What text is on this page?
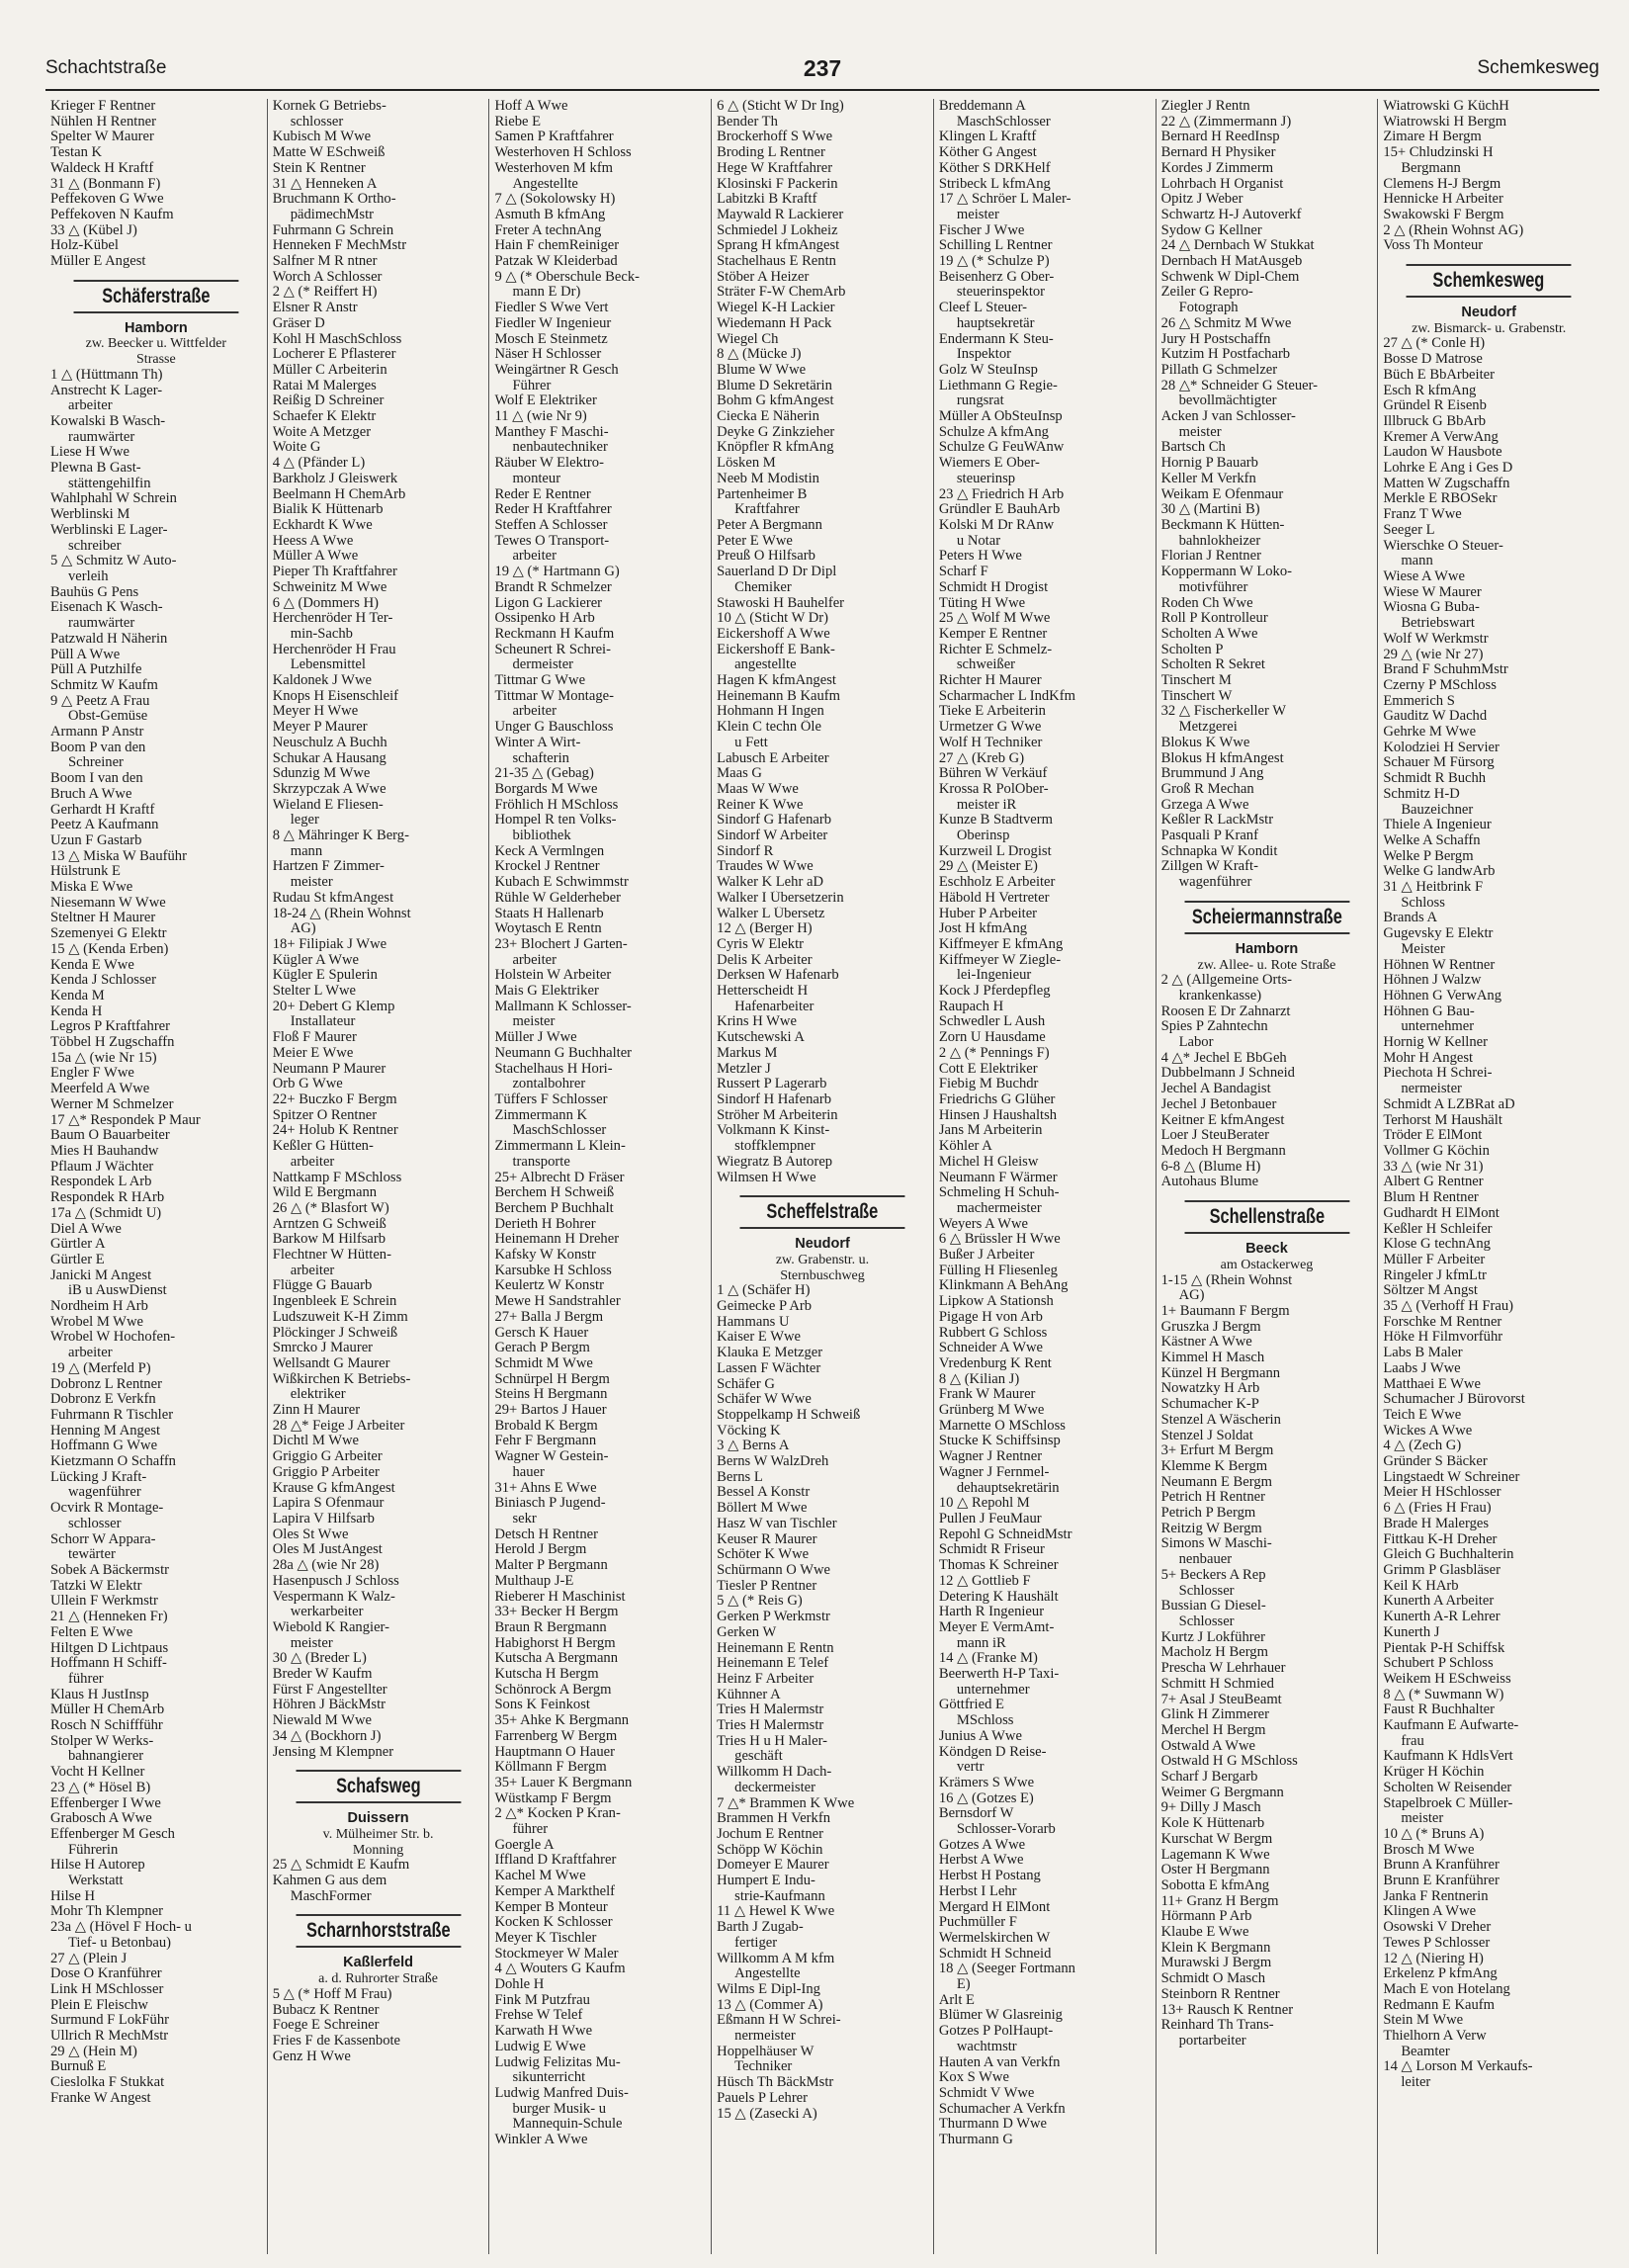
Schachtstraße	237	Schemkesweg
Krieger F Rentner
Nühlen H Rentner
Spelter W Maurer
Testan K
Waldeck H Kraftf
31 △ (Bonmann F)
Peffekoven G Wwe
Peffekoven N Kaufm
33 △ (Kübel J)
Holz-Kübel
Müller E Angest
Schäferstraße
Hamborn
zw. Beecker u. Wittfelder
Strasse
1 △ (Hüttmann Th)
Anstrecht K Lager-
arbeiter
Kowalski B Wasch-
raumwärter
Liese H Wwe
Plewna B Gast-
stättengehilfin
Wahlphahl W Schrein
Werblinski M
Werblinski E Lager-
schreiber
5 △ Schmitz W Auto-
verleih
Bauhüs G Pens
Eisenach K Wasch-
raumwärter
Patzwald H Näherin
Püll A Wwe
Püll A Putzhilfe
Schmitz W Kaufm
9 △ Peetz A Frau
Obst-Gemüse
Armann P Anstr
Boom P van den
Schreiner
Boom I van den
Bruch A Wwe
Gerhardt H Kraftf
Peetz A Kaufmann
Uzun F Gastarb
13 △ Miska W Bauführ
Hülstrunk E
Miska E Wwe
Niesemann W Wwe
Steltner H Maurer
Szemenyei G Elektr
15 △ (Kenda Erben)
Kenda E Wwe
Kenda J Schlosser
Kenda M
Kenda H
Legros P Kraftfahrer
Többel H Zugschaffn
15a △ (wie Nr 15)
Engler F Wwe
Meerfeld A Wwe
Werner M Schmelzer
17 △* Respondek P Maur
Baum O Bauarbeiter
Mies H Bauhandw
Pflaum J Wächter
Respondek L Arb
Respondek R HArb
17a △ (Schmidt U)
Diel A Wwe
Gürtler A
Gürtler E
Janicki M Angest
iB u AuswDienst
Nordheim H Arb
Wrobel M Wwe
Wrobel W Hochofen-
arbeiter
19 △ (Merfeld P)
Dobronz L Rentner
Dobronz E Verkfn
Fuhrmann R Tischler
Henning M Angest
Hoffmann G Wwe
Kietzmann O Schaffn
Lücking J Kraft-
wagenführer
Ocvirk R Montage-
schlosser
Schorr W Appara-
tewärter
Sobek A Bäckermstr
Tatzki W Elektr
Ullein F Werkmstr
21 △ (Henneken Fr)
Felten E Wwe
Hiltgen D Lichtpaus
Hoffmann H Schiff-
führer
Klaus H JustInsp
Müller H ChemArb
Rosch N Schiffführ
Stolper W Werks-
bahnangierer
Vocht H Kellner
23 △ (* Hösel B)
Effenberger I Wwe
Grabosch A Wwe
Effenberger M Gesch
Führerin
Hilse H Autorep
Werkstatt
Hilse H
Mohr Th Klempner
23a △ (Hövel F Hoch- u
Tief- u Betonbau)
27 △ (Plein J
Dose O Kranführer
Link H MSchlosser
Plein E Fleischw
Surmund F LokFühr
Ullrich R MechMstr
29 △ (Hein M)
Burnuß E
Cieslolka F Stukkat
Franke W Angest
Kornek G Betriebs-
schlosser
Kubisch M Wwe
Matte W ESchweiß
Stein K Rentner
31 △ Henneken A
Bruchmann K Ortho-
pädimechMstr
Fuhrmann G Schrein
Henneken F MechMstr
Salfner M R ntner
Worch A Schlosser
2 △ (* Reiffert H)
Elsner R Anstr
Gräser D
Kohl H MaschSchloss
Locherer E Pflasterer
Müller C Arbeiterin
Ratai M Malerges
Reißig D Schreiner
Schaefer K Elektr
Woite A Metzger
Woite G
4 △ (Pfänder L)
Barkholz J Gleiswerk
Beelmann H ChemArb
Bialik K Hüttenarb
Eckhardt K Wwe
Heess A Wwe
Müller A Wwe
Pieper Th Kraftfahrer
Schweinitz M Wwe
6 △ (Dommers H)
Herchenröder H Ter-
min-Sachb
Herchenröder H Frau
Lebensmittel
Kaldonek J Wwe
Knops H Eisenschleif
Meyer H Wwe
Meyer P Maurer
Neuschulz A Buchh
Schukar A Hausang
Sdunzig M Wwe
Skrzypczak A Wwe
Wieland E Fliesen-
leger
8 △ Mähringer K Berg-
mann
Hartzen F Zimmer-
meister
Rudau St kfmAngest
18-24 △ (Rhein Wohnst
AG)
18+ Filipiak J Wwe
Kügler A Wwe
Kügler E Spulerin
Stelter L Wwe
20+ Debert G Klemp
Installateur
Floß F Maurer
Meier E Wwe
Neumann P Maurer
Orb G Wwe
22+ Buczko F Bergm
Spitzer O Rentner
24+ Holub K Rentner
Keßler G Hütten-
arbeiter
Nattkamp F MSchloss
Wild E Bergmann
26 △ (* Blasfort W)
Arntzen G Schweiß
Barkow M Hilfsarb
Flechtner W Hütten-
arbeiter
Flügge G Bauarb
Ingenbleek E Schrein
Ludszuweit K-H Zimm
Plöckinger J Schweiß
Smrcko J Maurer
Wellsandt G Maurer
Wißkirchen K Betriebs-
elektriker
Zinn H Maurer
28 △* Feige J Arbeiter
Dichtl M Wwe
Griggio G Arbeiter
Griggio P Arbeiter
Krause G kfmAngest
Lapira S Ofenmaur
Lapira V Hilfsarb
Oles St Wwe
Oles M JustAngest
28a △ (wie Nr 28)
Hasenpusch J Schloss
Vespermann K Walz-
werkarbeiter
Wiebold K Rangier-
meister
30 △ (Breder L)
Breder W Kaufm
Fürst F Angestellter
Höhren J BäckMstr
Niewald M Wwe
34 △ (Bockhorn J)
Jensing M Klempner
Schafsweg
Duissern
v. Mülheimer Str. b.
Monning
25 △ Schmidt E Kaufm
Kahmen G aus dem
MaschFormer
Scharnhorststraße
Kaßlerfeld
a. d. Ruhrorter Straße
5 △ (* Hoff M Frau)
Bubacz K Rentner
Foege E Schreiner
Fries F de Kassenbote
Genz H Wwe
Hoff A Wwe
Riebe E
Samen P Kraftfahrer
Westerhoven H Schloss
Westerhoven M kfm
Angestellte
7 △ (Sokolowsky H)
Asmuth B kfmAng
Freter A technAng
Hain F chemReiniger
Patzak W Kleiderbad
9 △ (* Oberschule Beck-
mann E Dr)
Fiedler S Wwe Vert
Fiedler W Ingenieur
Mosch E Steinmetz
Näser H Schlosser
Weingärtner R Gesch
Führer
Wolf E Elektriker
11 △ (wie Nr 9)
Manthey F Maschi-
nenbautechniker
Räuber W Elektro-
monteur
Reder E Rentner
Reder H Kraftfahrer
Steffen A Schlosser
Tewes O Transport-
arbeiter
19 △ (* Hartmann G)
Brandt R Schmelzer
Ligon G Lackierer
Ossipenko H Arb
Reckmann H Kaufm
Scheunert R Schrei-
dermeister
Tittmar G Wwe
Tittmar W Montage-
arbeiter
Unger G Bauschloss
Winter A Wirt-
schafterin
21-35 △ (Gebag)
Borgards M Wwe
Fröhlich H MSchloss
Hompel R ten Volks-
bibliothek
Keck A Vermlngen
Krockel J Rentner
Kubach E Schwimmstr
Rühle W Gelderheber
Staats H Hallenarb
Woytasch E Rentn
23+ Blochert J Garten-
arbeiter
Holstein W Arbeiter
Mais G Elektriker
Mallmann K Schlosser-
meister
Müller J Wwe
Neumann G Buchhalter
Stachelhaus H Hori-
zontalbohrer
Tüffers F Schlosser
Zimmermann K
MaschSchlosser
Zimmermann L Klein-
transporte
25+ Albrecht D Fräser
Berchem H Schweiß
Berchem P Buchhalt
Derieth H Bohrer
Heinemann H Dreher
Kafsky W Konstr
Karsubke H Schloss
Keulertz W Konstr
Mewe H Sandstrahler
27+ Balla J Bergm
Gersch K Hauer
Gerach P Bergm
Schmidt M Wwe
Schnürpel H Bergm
Steins H Bergmann
29+ Bartos J Hauer
Brobald K Bergm
Fehr F Bergmann
Wagner W Gestein-
hauer
31+ Ahns E Wwe
Biniasch P Jugend-
sekr
Detsch H Rentner
Herold J Bergm
Malter P Bergmann
Multhaup J-E
Rieberer H Maschinist
33+ Becker H Bergm
Braun R Bergmann
Habighorst H Bergm
Kutscha A Bergmann
Kutscha H Bergm
Schönrock A Bergm
Sons K Feinkost
35+ Ahke K Bergmann
Farrenberg W Bergm
Hauptmann O Hauer
Köllmann F Bergm
35+ Lauer K Bergmann
Wüstkamp F Bergm
2 △* Kocken P Kran-
führer
Goergle A
Iffland D Kraftfahrer
Kachel M Wwe
Kemper A Markthelf
Kemper B Monteur
Kocken K Schlosser
Meyer K Tischler
Stockmeyer W Maler
4 △ Wouters G Kaufm
Dohle H
Fink M Putzfrau
Frehse W Telef
Karwath H Wwe
Ludwig E Wwe
Ludwig Felizitas Mu-
sikunterricht
Ludwig Manfred Duis-
burger Musik- u
Mannequin-Schule
Winkler A Wwe
6 △ (Sticht W Dr Ing)
Bender Th
Brockerhoff S Wwe
Broding L Rentner
Hege W Kraftfahrer
Klosinski F Packerin
Labitzki B Kraftf
Maywald R Lackierer
Schmiedel J Lokheiz
Sprang H kfmAngest
Stachelhaus E Rentn
Stöber A Heizer
Sträter F-W ChemArb
Wiegel K-H Lackier
Wiedemann H Pack
Wiegel Ch
8 △ (Mücke J)
Blume W Wwe
Blume D Sekretärin
Bohm G kfmAngest
Ciecka E Näherin
Deyke G Zinkzieher
Knöpfler R kfmAng
Lösken M
Neeb M Modistin
Partenheimer B
Kraftfahrer
Peter A Bergmann
Peter E Wwe
Preuß O Hilfsarb
Sauerland D Dr Dipl
Chemiker
Stawoski H Bauhelfer
10 △ (Sticht W Dr)
Eickershoff A Wwe
Eickershoff E Bank-
angestellte
Hagen K kfmAngest
Heinemann B Kaufm
Hohmann H Ingen
Klein C techn Öle
u Fett
Labusch E Arbeiter
Maas G
Maas W Wwe
Reiner K Wwe
Sindorf G Hafenarb
Sindorf W Arbeiter
Sindorf R
Traudes W Wwe
Walker K Lehr aD
Walker I Übersetzerin
Walker L Übersetz
12 △ (Berger H)
Cyris W Elektr
Delis K Arbeiter
Derksen W Hafenarb
Hetterscheidt H
Hafenarbeiter
Krins H Wwe
Kutschewski A
Markus M
Metzler J
Russert P Lagerarb
Sindorf H Hafenarb
Ströher M Arbeiterin
Volkmann K Kinst-
stoffklempner
Wiegratz B Autorep
Wilmsen H Wwe
Scheffelstraße
Neudorf
zw. Grabenstr. u.
Sternbuschweg
1 △ (Schäfer H)
Geimecke P Arb
Hammans U
Kaiser E Wwe
Klauka E Metzger
Lassen F Wächter
Schäfer G
Schäfer W Wwe
Stoppelkamp H Schweiß
Vöcking K
3 △ Berns A
Berns W WalzDreh
Berns L
Bessel A Konstr
Böllert M Wwe
Hasz W van Tischler
Keuser R Maurer
Schöter K Wwe
Schürmann O Wwe
Tiesler P Rentner
5 △ (* Reis G)
Gerken P Werkmstr
Gerken W
Heinemann E Rentn
Heinemann E Telef
Heinz F Arbeiter
Kühnner A
Tries H Malermstr
Tries H Malermstr
Tries H u H Maler-
geschäft
Willkomm H Dach-
deckermeister
7 △* Brammen K Wwe
Brammen H Verkfn
Jochum E Rentner
Schöpp W Köchin
Domeyer E Maurer
Humpert E Indu-
strie-Kaufmann
11 △ Hewel K Wwe
Barth J Zugab-
fertiger
Willkomm A M kfm
Angestellte
Wilms E Dipl-Ing
13 △ (Commer A)
Eßmann H W Schrei-
nermeister
Hoppelhäuser W
Techniker
Hüsch Th BäckMstr
Pauels P Lehrer
15 △ (Zasecki A)
Breddemann A
MaschSchlosser
Klingen L Kraftf
Köther G Angest
Köther S DRKHelf
Stribeck L kfmAng
17 △ Schröer L Maler-
meister
Fischer J Wwe
Schilling L Rentner
19 △ (* Schulze P)
Beisenherz G Ober-
steuerinspektor
Cleef L Steuer-
hauptsekretär
Endermann K Steu-
Inspektor
Golz W SteuInsp
Liethmann G Regie-
rungsrat
Müller A ObSteuInsp
Schulze A kfmAng
Schulze G FeuWAnw
Wiemers E Ober-
steuerinsp
23 △ Friedrich H Arb
Gründler E BauhArb
Kolski M Dr RAnw
u Notar
Peters H Wwe
Scharf F
Schmidt H Drogist
Tüting H Wwe
25 △ Wolf M Wwe
Kemper E Rentner
Richter E Schmelz-
schweißer
Richter H Maurer
Scharmacher L IndKfm
Tieke E Arbeiterin
Urmetzer G Wwe
Wolf H Techniker
27 △ (Kreb G)
Bühren W Verkäuf
Krossa R PolOber-
meister iR
Kunze B Stadtverm
Oberinsp
Kurzweil L Drogist
29 △ (Meister E)
Eschholz E Arbeiter
Häbold H Vertreter
Huber P Arbeiter
Jost H kfmAng
Kiffmeyer E kfmAng
Kiffmeyer W Ziegle-
lei-Ingenieur
Kock J Pferdepfleg
Raupach H
Schwedler L Aush
Zorn U Hausdame
2 △ (* Pennings F)
Cott E Elektriker
Fiebig M Buchdr
Friedrichs G Glüher
Hinsen J Haushaltsh
Jans M Arbeiterin
Köhler A
Michel H Gleisw
Neumann F Wärmer
Schmeling H Schuh-
machermeister
Weyers A Wwe
6 △ Brüssler H Wwe
Bußer J Arbeiter
Fülling H Fliesenleg
Klinkmann A BehAng
Lipkow A Stationsh
Pigage H von Arb
Rubbert G Schloss
Schneider A Wwe
Vredenburg K Rent
8 △ (Kilian J)
Frank W Maurer
Grünberg M Wwe
Marnette O MSchloss
Stucke K Schiffsinsp
Wagner J Rentner
Wagner J Fernmel-
dehauptsekretärin
10 △ Repohl M
Pullen J FeuMaur
Repohl G SchneidMstr
Schmidt R Friseur
Thomas K Schreiner
12 △ Gottlieb F
Detering K Haushält
Harth R Ingenieur
Meyer E VermAmt-
mann iR
14 △ (Franke M)
Beerwerth H-P Taxi-
unternehmer
Göttfried E
MSchloss
Junius A Wwe
Köndgen D Reise-
vertr
Krämers S Wwe
16 △ (Gotzes E)
Bernsdorf W
Schlosser-Vorarb
Gotzes A Wwe
Herbst A Wwe
Herbst H Postang
Herbst I Lehr
Mergard H ElMont
Puchmüller F
Wermelskirchen W
Schmidt H Schneid
18 △ (Seeger Fortmann
E)
Arlt E
Blümer W Glasreinig
Gotzes P PolHaupt-
wachtmstr
Hauten A van Verkfn
Kox S Wwe
Schmidt V Wwe
Schumacher A Verkfn
Thurmann D Wwe
Thurmann G
Ziegler J Rentn
22 △ (Zimmermann J)
Bernard H ReedInsp
Bernard H Physiker
Kordes J Zimmerm
Lohrbach H Organist
Opitz J Weber
Schwartz H-J Autoverkf
Sydow G Kellner
24 △ Dernbach W Stukkat
Dernbach H MatAusgeb
Schwenk W Dipl-Chem
Zeiler G Repro-
Fotograph
26 △ Schmitz M Wwe
Jury H Postschaffn
Kutzim H Postfacharb
Pillath G Schmelzer
28 △* Schneider G Steuer-
bevollmächtigter
Acken J van Schlosser-
meister
Bartsch Ch
Hornig P Bauarb
Keller M Verkfn
Weikam E Ofenmaur
30 △ (Martini B)
Beckmann K Hütten-
bahnlokheizer
Florian J Rentner
Koppermann W Loko-
motivführer
Roden Ch Wwe
Roll P Kontrolleur
Scholten A Wwe
Scholten P
Scholten R Sekret
Tinschert M
Tinschert W
32 △ Fischerkeller W
Metzgerei
Blokus K Wwe
Blokus H kfmAngest
Brummund J Ang
Groß R Mechan
Grzega A Wwe
Keßler R LackMstr
Pasquali P Kranf
Schnapka W Kondit
Zillgen W Kraft-
wagenführer
Scheiermannstraße
Hamborn
zw. Allee- u. Rote Straße
2 △ (Allgemeine Orts-
krankenkasse)
Roosen E Dr Zahnarzt
Spies P Zahntechn
Labor
4 △* Jechel E BbGeh
Dubbelmann J Schneid
Jechel A Bandagist
Jechel J Betonbauer
Keitner E kfmAngest
Loer J SteuBerater
Medoch H Bergmann
6-8 △ (Blume H)
Autohaus Blume
Schellenstraße
Beeck
am Ostackerweg
1-15 △ (Rhein Wohnst
AG)
1+ Baumann F Bergm
Gruszka J Bergm
Kästner A Wwe
Kimmel H Masch
Künzel H Bergmann
Nowatzky H Arb
Schumacher K-P
Stenzel A Wäscherin
Stenzel J Soldat
3+ Erfurt M Bergm
Klemme K Bergm
Neumann E Bergm
Petrich H Rentner
Petrich P Bergm
Reitzig W Bergm
Simons W Maschi-
nenbauer
5+ Beckers A Rep
Schlosser
Bussian G Diesel-
Schlosser
Kurtz J Lokführer
Macholz H Bergm
Prescha W Lehrhauer
Schmitt H Schmied
7+ Asal J SteuBeamt
Glink H Zimmerer
Merchel H Bergm
Ostwald A Wwe
Ostwald H G MSchloss
Scharf J Bergarb
Weimer G Bergmann
9+ Dilly J Masch
Kole K Hüttenarb
Kurschat W Bergm
Lagemann K Wwe
Oster H Bergmann
Sobotta E kfmAng
11+ Granz H Bergm
Hörmann P Arb
Klaube E Wwe
Klein K Bergmann
Murawski J Bergm
Schmidt O Masch
Steinborn R Rentner
13+ Rausch K Rentner
Reinhard Th Trans-
portarbeiter
Wiatrowski G KüchH
Wiatrowski H Bergm
Zimare H Bergm
15+ Chludzinski H
Bergmann
Clemens H-J Bergm
Hennicke H Arbeiter
Swakowski F Bergm
2 △ (Rhein Wohnst AG)
Voss Th Monteur
Schemkesweg
Neudorf
zw. Bismarck- u. Grabenstr.
27 △ (* Conle H)
Bosse D Matrose
Büch E BbArbeiter
Esch R kfmAng
Gründel R Eisenb
Illbruck G BbArb
Kremer A VerwAng
Laudon W Hausbote
Lohrke E Ang i Ges D
Matten W Zugschaffn
Merkle E RBOSekr
Franz T Wwe
Seeger L
Wierschke O Steuer-
mann
Wiese A Wwe
Wiese W Maurer
Wiosna G Buba-
Betriebswart
Wolf W Werkmstr
29 △ (wie Nr 27)
Brand F SchuhmMstr
Czerny P MSchloss
Emmerich S
Gauditz W Dachd
Gehrke M Wwe
Kolodziei H Servier
Schauer M Fürsorg
Schmidt R Buchh
Schmitz H-D
Bauzeichner
Thiele A Ingenieur
Welke A Schaffn
Welke P Bergm
Welke G landwArb
31 △ Heitbrink F
Schloss
Brands A
Gugevsky E Elektr
Meister
Höhnen W Rentner
Höhnen J Walzw
Höhnen G VerwAng
Höhnen G Bau-
unternehmer
Hornig W Kellner
Mohr H Angest
Piechota H Schrei-
nermeister
Schmidt A LZBRat aD
Terhorst M Haushält
Tröder E ElMont
Vollmer G Köchin
33 △ (wie Nr 31)
Albert G Rentner
Blum H Rentner
Gudhardt H ElMont
Keßler H Schleifer
Klose G technAng
Müller F Arbeiter
Ringeler J kfmLtr
Söltzer M Angst
35 △ (Verhoff H Frau)
Forschke M Rentner
Höke H Filmvorführ
Labs B Maler
Laabs J Wwe
Matthaei E Wwe
Schumacher J Bürovorst
Teich E Wwe
Wickes A Wwe
4 △ (Zech G)
Gründer S Bäcker
Lingstaedt W Schreiner
Meier H HSchlosser
6 △ (Fries H Frau)
Brade H Malerges
Fittkau K-H Dreher
Gleich G Buchhalterin
Grimm P Glasbläser
Keil K HArb
Kunerth A Arbeiter
Kunerth A-R Lehrer
Kunerth J
Pientak P-H Schiffsk
Schubert P Schloss
Weikem H ESchweiss
8 △ (* Suwmann W)
Faust R Buchhalter
Kaufmann E Aufwarte-
frau
Kaufmann K HdlsVert
Krüger H Köchin
Scholten W Reisender
Stapelbroek C Müller-
meister
10 △ (* Bruns A)
Brosch M Wwe
Brunn A Kranführer
Brunn E Kranführer
Janka F Rentnerin
Klingen A Wwe
Osowski V Dreher
Tewes P Schlosser
12 △ (Niering H)
Erkelenz P kfmAng
Mach E von Hotelang
Redmann E Kaufm
Stein M Wwe
Thielhorn A Verw
Beamter
14 △ Lorson M Verkaufs-
leiter
